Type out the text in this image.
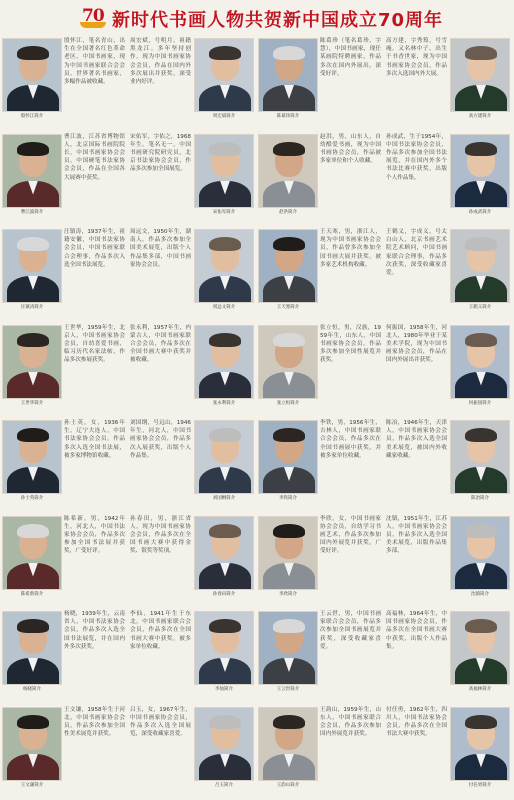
70 新时代书画人物共贺新中国成立70周年
殷怀江简介
殷怀江，笔名青山，出生在全国著名红色革命老区。中国书画家，现为中国书画家联合会会员，世界著名书画家，多幅作品被收藏。
周宏斌简介
周宏斌，号明月，祖籍黑龙江。多年坚持创作，现为中国书画家协会会员，作品在国内外多次展出并获奖，深受业内好评。
陈葛珍简介
陈葛珍（笔名葛珍，字慧），中国书画家，现任某画院特聘画家，作品多次在国内外展出，深受好评。
高方建简介
高方建，字秀筠，号雪庵。又名林中子。出生于书香世家，现为中国书画家协会会员，作品多次入选国内外大展。
曹江波简介
曹江波，江苏省博物馆人，北京国际书画院院长，中国书画家协会会员，中国硬笔书法家协会会员，作品在全国各大展赛中获奖。
宋佑军简介
宋佑军，字佑之，1968年生。笔名无一，中国书画研究院研究员，北京书法家协会会员，作品多次参加全国展览。
赵洪简介
赵洪，男，山东人，自幼酷爱书画，现为中国书画协会会员，作品被多家单位和个人收藏。
孙成武简介
孙成武，生于1954年，中国书法家协会会员，作品多次参加全国书法展览，并在国内外多个书法比赛中获奖，出版个人作品集。
汪镇涛简介
汪镇涛，1937年生，祖籍安徽，中国书法家协会会员，中国书画家联合会理事，作品多次入选全国书法展览。
周远文简介
周远文，1950年生，湖南人。作品多次参加全国美术展览，出版个人作品集多部，中国书画家协会会员。
王天寒简介
王天寒，男，浙江人，现为中国书画家协会会员，作品曾多次参加全国书画大展并获奖，被多家艺术机构收藏。
王鹤义简介
王鹤义，字成义，号太白山人，北京书画艺术院艺术顾问，中国书画家联合会理事，作品多次获奖，深受收藏家喜爱。
王世华简介
王世华，1959年生，北京人，中国书画家协会会员，自幼喜爱书画，临习历代名家法帖，作品多次参展获奖。
张永利简介
张永利，1957年生，内蒙古人，中国书画家联合会会员，作品多次在全国书画大赛中获奖并被收藏。
张立恒简介
张立恒，男，汉族，1959年生，山东人，中国书画家协会会员，作品多次参加全国性展览并获奖。
何振国简介
何振国，1958年生，河北人，1980年毕业于某美术学院，现为中国书画家协会会员，作品在国内外展出并获奖。
孙士英简介
孙士英，女，1936年生，辽宁大连人，中国书法家协会会员，作品多次入选全国书法展，被多家博物馆收藏。
刘国纲简介
刘国纲，号远山，1946年生，河北人，中国书画家协会会员，作品多次入展获奖，出版个人作品集。
李铁简介
李铁，男，1956年生，吉林人，中国书画家联合会会员，作品多次在全国书画展中获奖，并被多家单位收藏。
陈冶简介
陈冶，1946年生，天津人，中国书画家协会会员，作品多次入选全国美术展览，被国内外收藏家收藏。
陈希新简介
陈希新，男，1942年生，河北人，中国书法家协会会员，作品多次参加全国书法展并获奖，广受好评。
孙春田简介
孙春田，男，浙江省人，现为中国书画家协会会员，作品多次在全国书画大赛中获得金奖、银奖等奖项。
李欣简介
李欣，女，中国书画家协会会员，自幼学习书画艺术，作品多次参加国内外展览并获奖，广受好评。
沈镇简介
沈镇，1951年生，江苏人，中国书画家协会会员，作品多次入选全国美术展览，出版作品集多部。
杨晓简介
杨晓，1939年生，云南省人，中国书法家协会会员，作品多次入选全国书法展览，并在国内外多次获奖。
李仙简介
李仙，1941年生于东北，中国书画家联合会会员，作品多次在全国书画大赛中获奖，被多家单位收藏。
王云世简介
王云世，男，中国书画家联合会会员，作品多次参加全国书画展览并获奖，深受收藏家喜爱。
高福林简介
高福林，1964年生，中国书画家协会会员，作品多次在全国书画大赛中获奖，出版个人作品集。
王文谦简介
王文谦，1958年生于河北，中国书画家协会会员，作品多次参加全国性美术展览并获奖。
吕玉简介
吕玉，女，1967年生，中国书画家协会会员，作品多次入选全国展览，深受收藏家喜爱。
王韵山简介
王韵山，1959年生，山东人，中国书画家联合会会员，作品多次参加国内外展览并获奖。
付任勇简介
付任勇，1962年生，四川人，中国书法家协会会员，作品多次在全国书法大赛中获奖。
